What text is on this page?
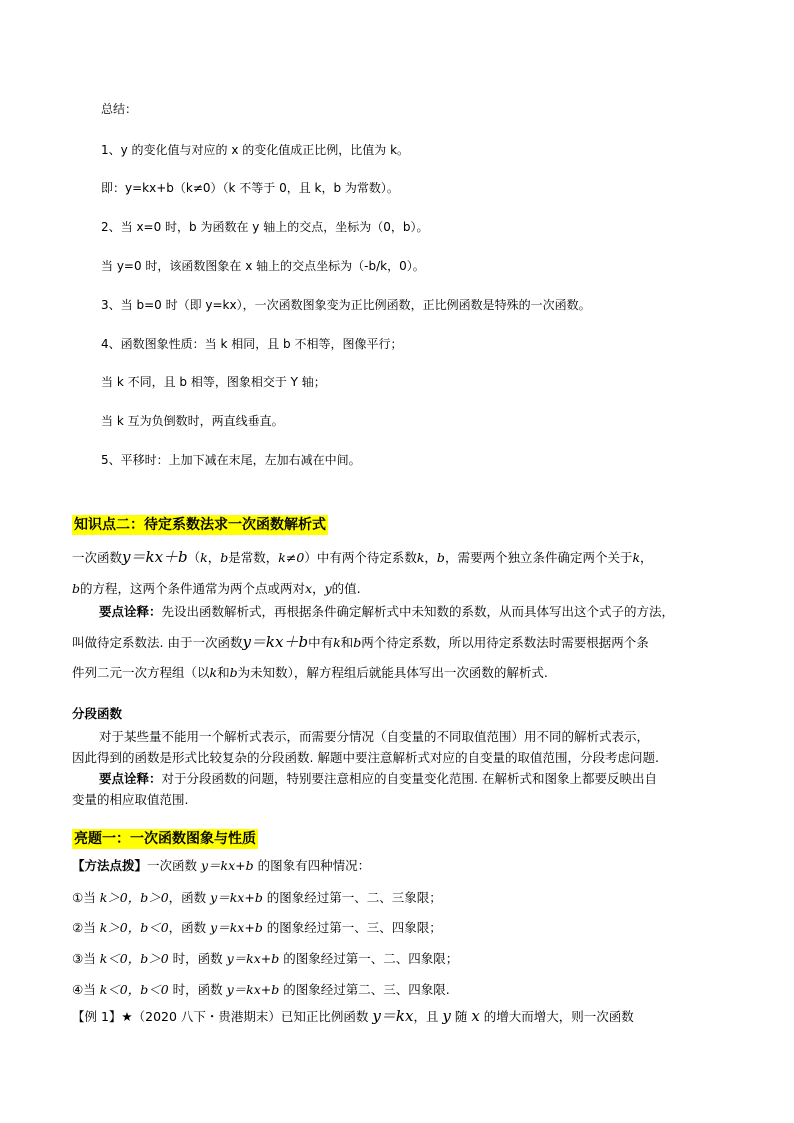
总结：
1、y 的变化值与对应的 x 的变化值成正比例，比值为 k。
即：y=kx+b（k≠0）（k 不等于 0，且 k，b 为常数）。
2、当 x=0 时，b 为函数在 y 轴上的交点，坐标为（0，b）。
当 y=0 时，该函数图象在 x 轴上的交点坐标为（-b/k，0）。
3、当 b=0 时（即 y=kx），一次函数图象变为正比例函数，正比例函数是特殊的一次函数。
4、函数图象性质：当 k 相同，且 b 不相等，图像平行；
当 k 不同，且 b 相等，图象相交于 Y 轴；
当 k 互为负倒数时，两直线垂直。
5、平移时：上加下减在末尾，左加右减在中间。
知识点二：待定系数法求一次函数解析式
一次函数y＝kx＋b（k，b是常数，k≠0）中有两个待定系数k，b，需要两个独立条件确定两个关于k，
b的方程，这两个条件通常为两个点或两对x，y的值.
要点诠释：先设出函数解析式，再根据条件确定解析式中未知数的系数，从而具体写出这个式子的方法，
叫做待定系数法. 由于一次函数y＝kx＋b中有k和b两个待定系数，所以用待定系数法时需要根据两个条
件列二元一次方程组（以k和b为未知数），解方程组后就能具体写出一次函数的解析式.
分段函数
对于某些量不能用一个解析式表示，而需要分情况（自变量的不同取值范围）用不同的解析式表示，
因此得到的函数是形式比较复杂的分段函数. 解题中要注意解析式对应的自变量的取值范围，分段考虑问题.
要点诠释：对于分段函数的问题，特别要注意相应的自变量变化范围. 在解析式和图象上都要反映出自
变量的相应取值范围.
亮题一：一次函数图象与性质
【方法点拨】一次函数 y＝kx+b 的图象有四种情况：
①当 k＞0，b＞0，函数 y＝kx+b 的图象经过第一、二、三象限；
②当 k＞0，b＜0，函数 y＝kx+b 的图象经过第一、三、四象限；
③当 k＜0，b＞0 时，函数 y＝kx+b 的图象经过第一、二、四象限；
④当 k＜0，b＜0 时，函数 y＝kx+b 的图象经过第二、三、四象限.
【例 1】★（2020 八下・贵港期末）已知正比例函数 y＝kx，且 y 随 x 的增大而增大，则一次函数
